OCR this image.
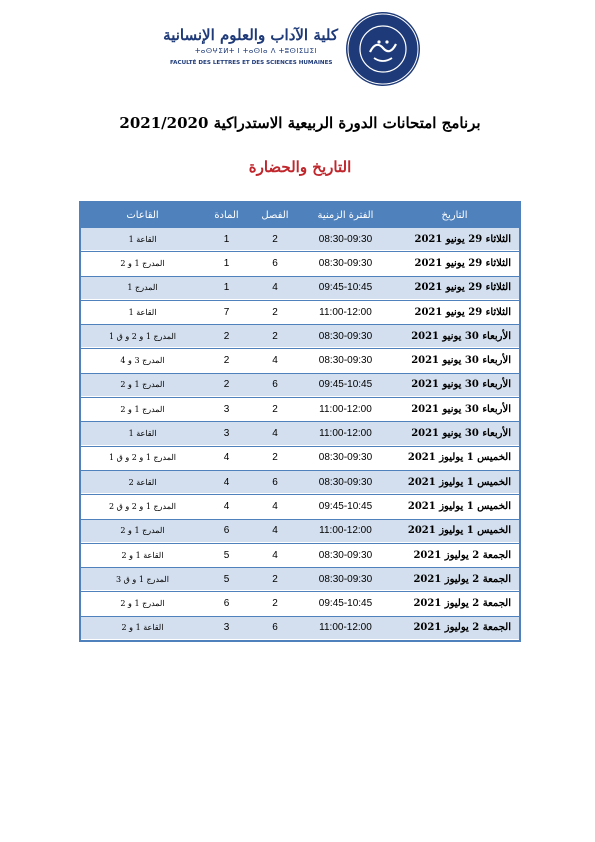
كلية الآداب والعلوم الإنسانية
ⵜⴰⵙⵖⵉⵍⵜ ⵏ ⵜⴰⵙⵏⴰ ⴷ ⵜⵓⵙⵏⵉⵡⵉⵏ
FACULTÉ DES LETTRES ET DES SCIENCES HUMAINES
برنامج امتحانات الدورة الربيعية الاستدراكية 2021/2020
التاريخ والحضارة
التاريخ	الفترة الزمنية	الفصل	المادة	القاعات
الثلاثاء 29 يونيو 2021	08:30-09:30	2	1	القاعة 1
الثلاثاء 29 يونيو 2021	08:30-09:30	6	1	المدرج 1 و 2
الثلاثاء 29 يونيو 2021	09:45-10:45	4	1	المدرج 1
الثلاثاء 29 يونيو 2021	11:00-12:00	2	7	القاعة 1
الأربعاء 30 يونيو 2021	08:30-09:30	2	2	المدرج 1 و 2 و ق 1
الأربعاء 30 يونيو 2021	08:30-09:30	4	2	المدرج 3 و 4
الأربعاء 30 يونيو 2021	09:45-10:45	6	2	المدرج 1 و 2
الأربعاء 30 يونيو 2021	11:00-12:00	2	3	المدرج 1 و 2
الأربعاء 30 يونيو 2021	11:00-12:00	4	3	القاعة 1
الخميس 1 يوليوز 2021	08:30-09:30	2	4	المدرج 1 و 2 و ق 1
الخميس 1 يوليوز 2021	08:30-09:30	6	4	القاعة 2
الخميس 1 يوليوز 2021	09:45-10:45	4	4	المدرج 1 و 2 و ق 2
الخميس 1 يوليوز 2021	11:00-12:00	4	6	المدرج 1 و 2
الجمعة 2 يوليوز 2021	08:30-09:30	4	5	القاعة 1 و 2
الجمعة 2 يوليوز 2021	08:30-09:30	2	5	المدرج 1 و ق 3
الجمعة 2 يوليوز 2021	09:45-10:45	2	6	المدرج 1 و 2
الجمعة 2 يوليوز 2021	11:00-12:00	6	3	القاعة 1 و 2
